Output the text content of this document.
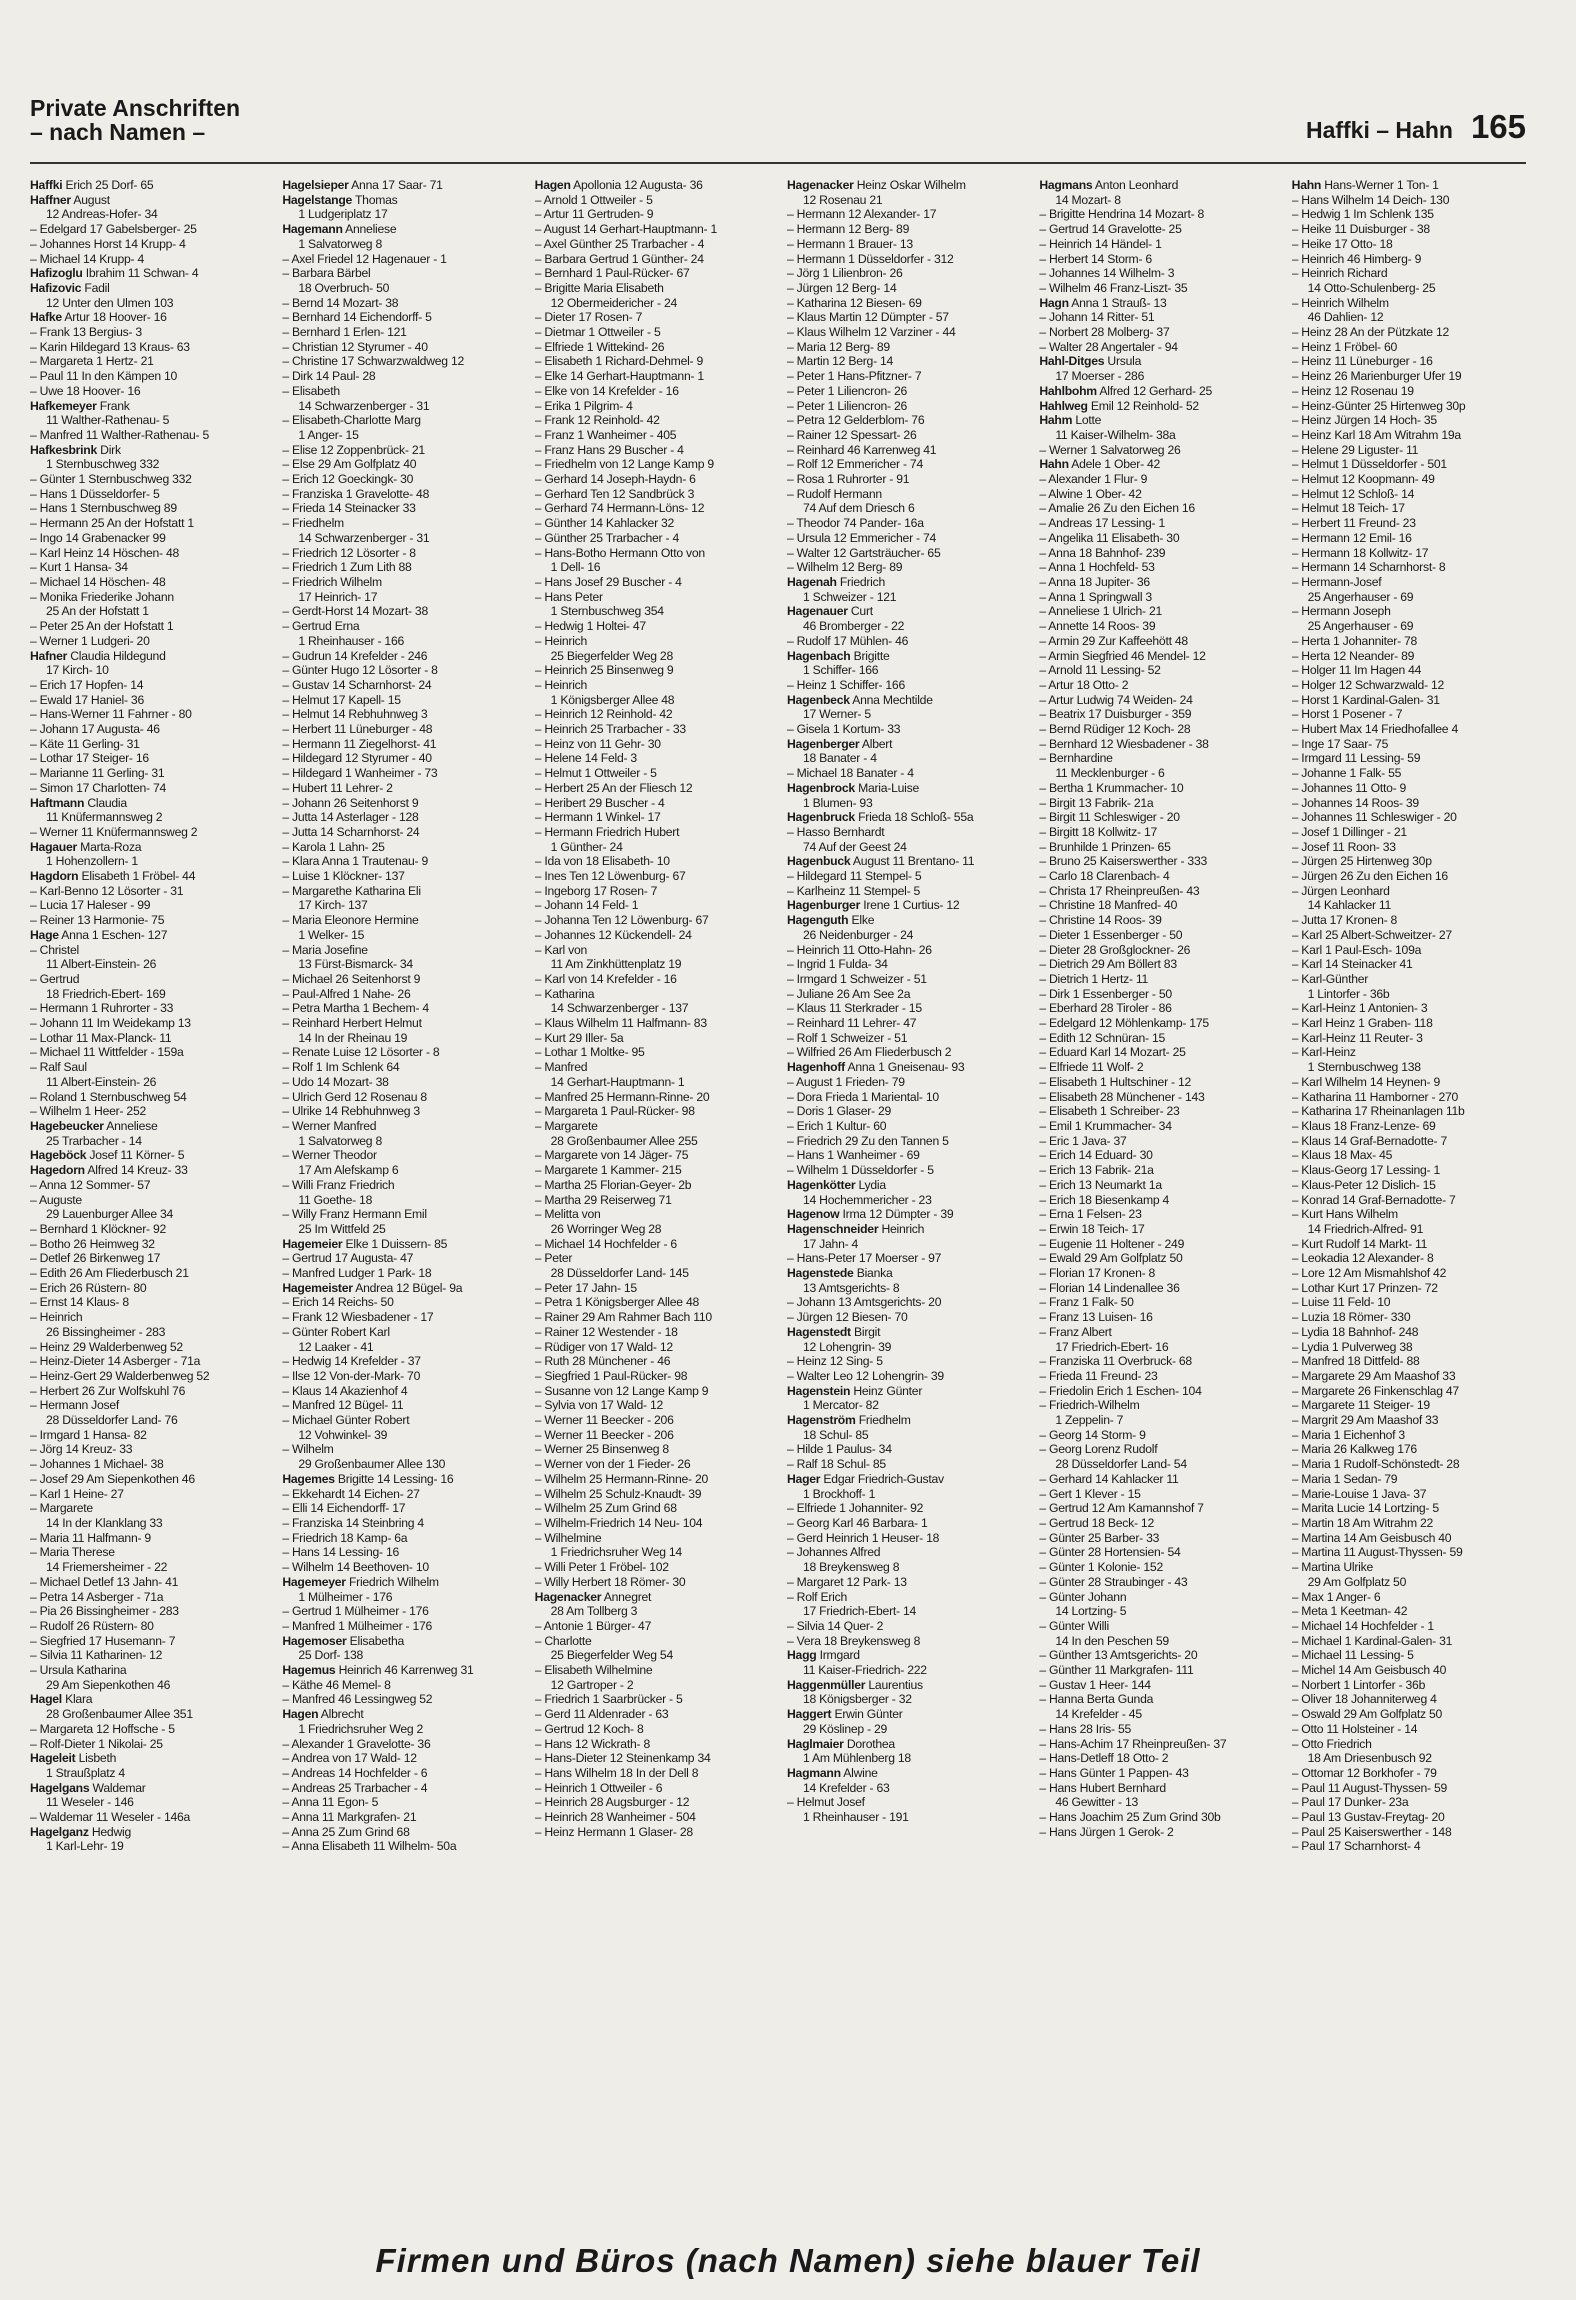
Private Anschriften
– nach Namen –	Haffki – Hahn 165
Haffki Erich 25 Dorf- 65
Haffner August
12 Andreas-Hofer- 34
– Edelgard 17 Gabelsberger- 25
– Johannes Horst 14 Krupp- 4
– Michael 14 Krupp- 4
Hafizoglu Ibrahim 11 Schwan- 4
Hafizovic Fadil
12 Unter den Ulmen 103
Hafke Artur 18 Hoover- 16
– Frank 13 Bergius- 3
– Karin Hildegard 13 Kraus- 63
– Margareta 1 Hertz- 21
– Paul 11 In den Kämpen 10
– Uwe 18 Hoover- 16
Hafkemeyer Frank
11 Walther-Rathenau- 5
– Manfred 11 Walther-Rathenau- 5
Hafkesbrink Dirk
1 Sternbuschweg 332
– Günter 1 Sternbuschweg 332
– Hans 1 Düsseldorfer- 5
– Hans 1 Sternbuschweg 89
– Hermann 25 An der Hofstatt 1
– Ingo 14 Grabenacker 99
– Karl Heinz 14 Höschen- 48
– Kurt 1 Hansa- 34
– Michael 14 Höschen- 48
– Monika Friederike Johann
25 An der Hofstatt 1
– Peter 25 An der Hofstatt 1
– Werner 1 Ludgeri- 20
Hafner Claudia Hildegund
17 Kirch- 10
– Erich 17 Hopfen- 14
– Ewald 17 Haniel- 36
– Hans-Werner 11 Fahrner - 80
– Johann 17 Augusta- 46
– Käte 11 Gerling- 31
– Lothar 17 Steiger- 16
– Marianne 11 Gerling- 31
– Simon 17 Charlotten- 74
Haftmann Claudia
11 Knüfermannsweg 2
– Werner 11 Knüfermannsweg 2
Hagauer Marta-Roza
1 Hohenzollern- 1
Hagdorn Elisabeth 1 Fröbel- 44
– Karl-Benno 12 Lösorter - 31
– Lucia 17 Haleser - 99
– Reiner 13 Harmonie- 75
Hage Anna 1 Eschen- 127
– Christel
11 Albert-Einstein- 26
– Gertrud
18 Friedrich-Ebert- 169
– Hermann 1 Ruhrorter - 33
– Johann 11 Im Weidekamp 13
– Lothar 11 Max-Planck- 11
– Michael 11 Wittfelder - 159a
– Ralf Saul
11 Albert-Einstein- 26
– Roland 1 Sternbuschweg 54
– Wilhelm 1 Heer- 252
Hagebeucker Anneliese
25 Trarbacher - 14
Hageböck Josef 11 Körner- 5
Hagedorn Alfred 14 Kreuz- 33
– Anna 12 Sommer- 57
– Auguste
29 Lauenburger Allee 34
– Bernhard 1 Klöckner- 92
– Botho 26 Heimweg 32
– Detlef 26 Birkenweg 17
– Edith 26 Am Fliederbusch 21
– Erich 26 Rüstern- 80
– Ernst 14 Klaus- 8
– Heinrich
26 Bissingheimer - 283
– Heinz 29 Walderbenweg 52
– Heinz-Dieter 14 Asberger - 71a
– Heinz-Gert 29 Walderbenweg 52
– Herbert 26 Zur Wolfskuhl 76
– Hermann Josef
28 Düsseldorfer Land- 76
– Irmgard 1 Hansa- 82
– Jörg 14 Kreuz- 33
– Johannes 1 Michael- 38
– Josef 29 Am Siepenkothen 46
– Karl 1 Heine- 27
– Margarete
14 In der Klanklang 33
– Maria 11 Halfmann- 9
– Maria Therese
14 Friemersheimer - 22
– Michael Detlef 13 Jahn- 41
– Petra 14 Asberger - 71a
– Pia 26 Bissingheimer - 283
– Rudolf 26 Rüstern- 80
– Siegfried 17 Husemann- 7
– Silvia 11 Katharinen- 12
– Ursula Katharina
29 Am Siepenkothen 46
Hagel Klara
28 Großenbaumer Allee 351
– Margareta 12 Hoffsche - 5
– Rolf-Dieter 1 Nikolai- 25
Hageleit Lisbeth
1 Straußplatz 4
Hagelgans Waldemar
11 Weseler - 146
– Waldemar 11 Weseler - 146a
Hagelganz Hedwig
1 Karl-Lehr- 19
Hagelsieper Anna 17 Saar- 71
Hagelstange Thomas
1 Ludgeriplatz 17
Hagemann Anneliese
1 Salvatorweg 8
– Axel Friedel 12 Hagenauer - 1
– Barbara Bärbel
18 Overbruch- 50
– Bernd 14 Mozart- 38
– Bernhard 14 Eichendorff- 5
– Bernhard 1 Erlen- 121
– Christian 12 Styrumer - 40
– Christine 17 Schwarzwaldweg 12
– Dirk 14 Paul- 28
– Elisabeth
14 Schwarzenberger - 31
– Elisabeth-Charlotte Marg
1 Anger- 15
– Elise 12 Zoppenbrück- 21
– Else 29 Am Golfplatz 40
– Erich 12 Goeckingk- 30
– Franziska 1 Gravelotte- 48
– Frieda 14 Steinacker 33
– Friedhelm
14 Schwarzenberger - 31
– Friedrich 12 Lösorter - 8
– Friedrich 1 Zum Lith 88
– Friedrich Wilhelm
17 Heinrich- 17
– Gerdt-Horst 14 Mozart- 38
– Gertrud Erna
1 Rheinhauser - 166
– Gudrun 14 Krefelder - 246
– Günter Hugo 12 Lösorter - 8
– Gustav 14 Scharnhorst- 24
– Helmut 17 Kapell- 15
– Helmut 14 Rebhuhnweg 3
– Herbert 11 Lüneburger - 48
– Hermann 11 Ziegelhorst- 41
– Hildegard 12 Styrumer - 40
– Hildegard 1 Wanheimer - 73
– Hubert 11 Lehrer- 2
– Johann 26 Seitenhorst 9
– Jutta 14 Asterlager - 128
– Jutta 14 Scharnhorst- 24
– Karola 1 Lahn- 25
– Klara Anna 1 Trautenau- 9
– Luise 1 Klöckner- 137
– Margarethe Katharina Eli
17 Kirch- 137
– Maria Eleonore Hermine
1 Welker- 15
– Maria Josefine
13 Fürst-Bismarck- 34
– Michael 26 Seitenhorst 9
– Paul-Alfred 1 Nahe- 26
– Petra Martha 1 Bechem- 4
– Reinhard Herbert Helmut
14 In der Rheinau 19
– Renate Luise 12 Lösorter - 8
– Rolf 1 Im Schlenk 64
– Udo 14 Mozart- 38
– Ulrich Gerd 12 Rosenau 8
– Ulrike 14 Rebhuhnweg 3
– Werner Manfred
1 Salvatorweg 8
– Werner Theodor
17 Am Alefskamp 6
– Willi Franz Friedrich
11 Goethe- 18
– Willy Franz Hermann Emil
25 Im Wittfeld 25
Hagemeier Elke 1 Duissern- 85
– Gertrud 17 Augusta- 47
– Manfred Ludger 1 Park- 18
Hagemeister Andrea 12 Bügel- 9a
– Erich 14 Reichs- 50
– Frank 12 Wiesbadener - 17
– Günter Robert Karl
12 Laaker - 41
– Hedwig 14 Krefelder - 37
– Ilse 12 Von-der-Mark- 70
– Klaus 14 Akazienhof 4
– Manfred 12 Bügel- 11
– Michael Günter Robert
12 Vohwinkel- 39
– Wilhelm
29 Großenbaumer Allee 130
Hagemes Brigitte 14 Lessing- 16
– Ekkehardt 14 Eichen- 27
– Elli 14 Eichendorff- 17
– Franziska 14 Steinbring 4
– Friedrich 18 Kamp- 6a
– Hans 14 Lessing- 16
– Wilhelm 14 Beethoven- 10
Hagemeyer Friedrich Wilhelm
1 Mülheimer - 176
– Gertrud 1 Mülheimer - 176
– Manfred 1 Mülheimer - 176
Hagemoser Elisabetha
25 Dorf- 138
Hagemus Heinrich 46 Karrenweg 31
– Käthe 46 Memel- 8
– Manfred 46 Lessingweg 52
Hagen Albrecht
1 Friedrichsruher Weg 2
– Alexander 1 Gravelotte- 36
– Andrea von 17 Wald- 12
– Andreas 14 Hochfelder - 6
– Andreas 25 Trarbacher - 4
– Anna 11 Egon- 5
– Anna 11 Markgrafen- 21
– Anna 25 Zum Grind 68
– Anna Elisabeth 11 Wilhelm- 50a
Hagen Apollonia 12 Augusta- 36
– Arnold 1 Ottweiler - 5
– Artur 11 Gertruden- 9
– August 14 Gerhart-Hauptmann- 1
– Axel Günther 25 Trarbacher - 4
– Barbara Gertrud 1 Günther- 24
– Bernhard 1 Paul-Rücker- 67
– Brigitte Maria Elisabeth
12 Obermeidericher - 24
– Dieter 17 Rosen- 7
– Dietmar 1 Ottweiler - 5
– Elfriede 1 Wittekind- 26
– Elisabeth 1 Richard-Dehmel- 9
– Elke 14 Gerhart-Hauptmann- 1
– Elke von 14 Krefelder - 16
– Erika 1 Pilgrim- 4
– Frank 12 Reinhold- 42
– Franz 1 Wanheimer - 405
– Franz Hans 29 Buscher - 4
– Friedhelm von 12 Lange Kamp 9
– Gerhard 14 Joseph-Haydn- 6
– Gerhard Ten 12 Sandbrück 3
– Gerhard 74 Hermann-Löns- 12
– Günther 14 Kahlacker 32
– Günther 25 Trarbacher - 4
– Hans-Botho Hermann Otto von
1 Dell- 16
– Hans Josef 29 Buscher - 4
– Hans Peter
1 Sternbuschweg 354
– Hedwig 1 Holtei- 47
– Heinrich
25 Biegerfelder Weg 28
– Heinrich 25 Binsenweg 9
– Heinrich
1 Königsberger Allee 48
– Heinrich 12 Reinhold- 42
– Heinrich 25 Trarbacher - 33
– Heinz von 11 Gehr- 30
– Helene 14 Feld- 3
– Helmut 1 Ottweiler - 5
– Herbert 25 An der Fliesch 12
– Heribert 29 Buscher - 4
– Hermann 1 Winkel- 17
– Hermann Friedrich Hubert
1 Günther- 24
– Ida von 18 Elisabeth- 10
– Ines Ten 12 Löwenburg- 67
– Ingeborg 17 Rosen- 7
– Johann 14 Feld- 1
– Johanna Ten 12 Löwenburg- 67
– Johannes 12 Kückendell- 24
– Karl von
11 Am Zinkhüttenplatz 19
– Karl von 14 Krefelder - 16
– Katharina
14 Schwarzenberger - 137
– Klaus Wilhelm 11 Halfmann- 83
– Kurt 29 Iller- 5a
– Lothar 1 Moltke- 95
– Manfred
14 Gerhart-Hauptmann- 1
– Manfred 25 Hermann-Rinne- 20
– Margareta 1 Paul-Rücker- 98
– Margarete
28 Großenbaumer Allee 255
– Margarete von 14 Jäger- 75
– Margarete 1 Kammer- 215
– Martha 25 Florian-Geyer- 2b
– Martha 29 Reiserweg 71
– Melitta von
26 Worringer Weg 28
– Michael 14 Hochfelder - 6
– Peter
28 Düsseldorfer Land- 145
– Peter 17 Jahn- 15
– Petra 1 Königsberger Allee 48
– Rainer 29 Am Rahmer Bach 110
– Rainer 12 Westender - 18
– Rüdiger von 17 Wald- 12
– Ruth 28 Münchener - 46
– Siegfried 1 Paul-Rücker- 98
– Susanne von 12 Lange Kamp 9
– Sylvia von 17 Wald- 12
– Werner 11 Beecker - 206
– Werner 11 Beecker - 206
– Werner 25 Binsenweg 8
– Werner von der 1 Fieder- 26
– Wilhelm 25 Hermann-Rinne- 20
– Wilhelm 25 Schulz-Knaudt- 39
– Wilhelm 25 Zum Grind 68
– Wilhelm-Friedrich 14 Neu- 104
– Wilhelmine
1 Friedrichsruher Weg 14
– Willi Peter 1 Fröbel- 102
– Willy Herbert 18 Römer- 30
Hagenacker Annegret
28 Am Tollberg 3
– Antonie 1 Bürger- 47
– Charlotte
25 Biegerfelder Weg 54
– Elisabeth Wilhelmine
12 Gartroper - 2
– Friedrich 1 Saarbrücker - 5
– Gerd 11 Aldenrader - 63
– Gertrud 12 Koch- 8
– Hans 12 Wickrath- 8
– Hans-Dieter 12 Steinenkamp 34
– Hans Wilhelm 18 In der Dell 8
– Heinrich 1 Ottweiler - 6
– Heinrich 28 Augsburger - 12
– Heinrich 28 Wanheimer - 504
– Heinz Hermann 1 Glaser- 28
Hagenacker Heinz Oskar Wilhelm
12 Rosenau 21
– Hermann 12 Alexander- 17
– Hermann 12 Berg- 89
– Hermann 1 Brauer- 13
– Hermann 1 Düsseldorfer - 312
– Jörg 1 Lilienbron- 26
– Jürgen 12 Berg- 14
– Katharina 12 Biesen- 69
– Klaus Martin 12 Dümpter - 57
– Klaus Wilhelm 12 Varziner - 44
– Maria 12 Berg- 89
– Martin 12 Berg- 14
– Peter 1 Hans-Pfitzner- 7
– Peter 1 Liliencron- 26
– Peter 1 Liliencron- 26
– Petra 12 Gelderblom- 76
– Rainer 12 Spessart- 26
– Reinhard 46 Karrenweg 41
– Rolf 12 Emmericher - 74
– Rosa 1 Ruhrorter - 91
– Rudolf Hermann
74 Auf dem Driesch 6
– Theodor 74 Pander- 16a
– Ursula 12 Emmericher - 74
– Walter 12 Gartsträucher- 65
– Wilhelm 12 Berg- 89
Hagenah Friedrich
1 Schweizer - 121
Hagenauer Curt
46 Bromberger - 22
– Rudolf 17 Mühlen- 46
Hagenbach Brigitte
1 Schiffer- 166
– Heinz 1 Schiffer- 166
Hagenbeck Anna Mechtilde
17 Werner- 5
– Gisela 1 Kortum- 33
Hagenberger Albert
18 Banater - 4
– Michael 18 Banater - 4
Hagenbrock Maria-Luise
1 Blumen- 93
Hagenbruck Frieda 18 Schloß- 55a
– Hasso Bernhardt
74 Auf der Geest 24
Hagenbuck August 11 Brentano- 11
– Hildegard 11 Stempel- 5
– Karlheinz 11 Stempel- 5
Hagenburger Irene 1 Curtius- 12
Hagenguth Elke
26 Neidenburger - 24
– Heinrich 11 Otto-Hahn- 26
– Ingrid 1 Fulda- 34
– Irmgard 1 Schweizer - 51
– Juliane 26 Am See 2a
– Klaus 11 Sterkrader - 15
– Reinhard 11 Lehrer- 47
– Rolf 1 Schweizer - 51
– Wilfried 26 Am Fliederbusch 2
Hagenhoff Anna 1 Gneisenau- 93
– August 1 Frieden- 79
– Dora Frieda 1 Mariental- 10
– Doris 1 Glaser- 29
– Erich 1 Kultur- 60
– Friedrich 29 Zu den Tannen 5
– Hans 1 Wanheimer - 69
– Wilhelm 1 Düsseldorfer - 5
Hagenkötter Lydia
14 Hochemmericher - 23
Hagenow Irma 12 Dümpter - 39
Hagenschneider Heinrich
17 Jahn- 4
– Hans-Peter 17 Moerser - 97
Hagenstede Bianka
13 Amtsgerichts- 8
– Johann 13 Amtsgerichts- 20
– Jürgen 12 Biesen- 70
Hagenstedt Birgit
12 Lohengrin- 39
– Heinz 12 Sing- 5
– Walter Leo 12 Lohengrin- 39
Hagenstein Heinz Günter
1 Mercator- 82
Hagenström Friedhelm
18 Schul- 85
– Hilde 1 Paulus- 34
– Ralf 18 Schul- 85
Hager Edgar Friedrich-Gustav
1 Brockhoff- 1
– Elfriede 1 Johanniter- 92
– Georg Karl 46 Barbara- 1
– Gerd Heinrich 1 Heuser- 18
– Johannes Alfred
18 Breykensweg 8
– Margaret 12 Park- 13
– Rolf Erich
17 Friedrich-Ebert- 14
– Silvia 14 Quer- 2
– Vera 18 Breykensweg 8
Hagg Irmgard
11 Kaiser-Friedrich- 222
Haggenmüller Laurentius
18 Königsberger - 32
Haggert Erwin Günter
29 Köslinер - 29
Haglmaier Dorothea
1 Am Mühlenberg 18
Hagmann Alwine
14 Krefelder - 63
– Helmut Josef
1 Rheinhauser - 191
Hagmans Anton Leonhard
14 Mozart- 8
– Brigitte Hendrina 14 Mozart- 8
– Gertrud 14 Gravelotte- 25
– Heinrich 14 Händel- 1
– Herbert 14 Storm- 6
– Johannes 14 Wilhelm- 3
– Wilhelm 46 Franz-Liszt- 35
Hagn Anna 1 Strauß- 13
– Johann 14 Ritter- 51
– Norbert 28 Molberg- 37
– Walter 28 Angertaler - 94
Hahl-Ditges Ursula
17 Moerser - 286
Hahlbohm Alfred 12 Gerhard- 25
Hahlweg Emil 12 Reinhold- 52
Hahm Lotte
11 Kaiser-Wilhelm- 38a
– Werner 1 Salvatorweg 26
Hahn Adele 1 Ober- 42
– Alexander 1 Flur- 9
– Alwine 1 Ober- 42
– Amalie 26 Zu den Eichen 16
– Andreas 17 Lessing- 1
– Angelika 11 Elisabeth- 30
– Anna 18 Bahnhof- 239
– Anna 1 Hochfeld- 53
– Anna 18 Jupiter- 36
– Anna 1 Springwall 3
– Anneliese 1 Ulrich- 21
– Annette 14 Roos- 39
– Armin 29 Zur Kaffeehött 48
– Armin Siegfried 46 Mendel- 12
– Arnold 11 Lessing- 52
– Artur 18 Otto- 2
– Artur Ludwig 74 Weiden- 24
– Beatrix 17 Duisburger - 359
– Bernd Rüdiger 12 Koch- 28
– Bernhard 12 Wiesbadener - 38
– Bernhardine
11 Mecklenburger - 6
– Bertha 1 Krummacher- 10
– Birgit 13 Fabrik- 21a
– Birgit 11 Schleswiger - 20
– Birgitt 18 Kollwitz- 17
– Brunhilde 1 Prinzen- 65
– Bruno 25 Kaiserswerther - 333
– Carlo 18 Clarenbach- 4
– Christa 17 Rheinpreußen- 43
– Christine 18 Manfred- 40
– Christine 14 Roos- 39
– Dieter 1 Essenberger - 50
– Dieter 28 Großglockner- 26
– Dietrich 29 Am Böllert 83
– Dietrich 1 Hertz- 11
– Dirk 1 Essenberger - 50
– Eberhard 28 Tiroler - 86
– Edelgard 12 Möhlenkamp- 175
– Edith 12 Schnüran- 15
– Eduard Karl 14 Mozart- 25
– Elfriede 11 Wolf- 2
– Elisabeth 1 Hultschiner - 12
– Elisabeth 28 Münchener - 143
– Elisabeth 1 Schreiber- 23
– Emil 1 Krummacher- 34
– Eric 1 Java- 37
– Erich 14 Eduard- 30
– Erich 13 Fabrik- 21a
– Erich 13 Neumarkt 1a
– Erich 18 Biesenkamp 4
– Erna 1 Felsen- 23
– Erwin 18 Teich- 17
– Eugenie 11 Holtener - 249
– Ewald 29 Am Golfplatz 50
– Florian 17 Kronen- 8
– Florian 14 Lindenallee 36
– Franz 1 Falk- 50
– Franz 13 Luisen- 16
– Franz Albert
17 Friedrich-Ebert- 16
– Franziska 11 Overbruck- 68
– Frieda 11 Freund- 23
– Friedolin Erich 1 Eschen- 104
– Friedrich-Wilhelm
1 Zeppelin- 7
– Georg 14 Storm- 9
– Georg Lorenz Rudolf
28 Düsseldorfer Land- 54
– Gerhard 14 Kahlacker 11
– Gert 1 Klever - 15
– Gertrud 12 Am Kamannshof 7
– Gertrud 18 Beck- 12
– Günter 25 Barber- 33
– Günter 28 Hortensien- 54
– Günter 1 Kolonie- 152
– Günter 28 Straubinger - 43
– Günter Johann
14 Lortzing- 5
– Günter Willi
14 In den Peschen 59
– Günther 13 Amtsgerichts- 20
– Günther 11 Markgrafen- 111
– Gustav 1 Heer- 144
– Hanna Berta Gunda
14 Krefelder - 45
– Hans 28 Iris- 55
– Hans-Achim 17 Rheinpreußen- 37
– Hans-Detleff 18 Otto- 2
– Hans Günter 1 Pappen- 43
– Hans Hubert Bernhard
46 Gewitter - 13
– Hans Joachim 25 Zum Grind 30b
– Hans Jürgen 1 Gerok- 2
Hahn Hans-Werner 1 Ton- 1
– Hans Wilhelm 14 Deich- 130
– Hedwig 1 Im Schlenk 135
– Heike 11 Duisburger - 38
– Heike 17 Otto- 18
– Heinrich 46 Himberg- 9
– Heinrich Richard
14 Otto-Schulenberg- 25
– Heinrich Wilhelm
46 Dahlien- 12
– Heinz 28 An der Pützkate 12
– Heinz 1 Fröbel- 60
– Heinz 11 Lüneburger - 16
– Heinz 26 Marienburger Ufer 19
– Heinz 12 Rosenau 19
– Heinz-Günter 25 Hirtenweg 30p
– Heinz Jürgen 14 Hoch- 35
– Heinz Karl 18 Am Witrahm 19a
– Helene 29 Liguster- 11
– Helmut 1 Düsseldorfer - 501
– Helmut 12 Koopmann- 49
– Helmut 12 Schloß- 14
– Helmut 18 Teich- 17
– Herbert 11 Freund- 23
– Hermann 12 Emil- 16
– Hermann 18 Kollwitz- 17
– Hermann 14 Scharnhorst- 8
– Hermann-Josef
25 Angerhauser - 69
– Hermann Joseph
25 Angerhauser - 69
– Herta 1 Johanniter- 78
– Herta 12 Neander- 89
– Holger 11 Im Hagen 44
– Holger 12 Schwarzwald- 12
– Horst 1 Kardinal-Galen- 31
– Horst 1 Posener - 7
– Hubert Max 14 Friedhofallee 4
– Inge 17 Saar- 75
– Irmgard 11 Lessing- 59
– Johanne 1 Falk- 55
– Johannes 11 Otto- 9
– Johannes 14 Roos- 39
– Johannes 11 Schleswiger - 20
– Josef 1 Dillinger - 21
– Josef 11 Roon- 33
– Jürgen 25 Hirtenweg 30p
– Jürgen 26 Zu den Eichen 16
– Jürgen Leonhard
14 Kahlacker 11
– Jutta 17 Kronen- 8
– Karl 25 Albert-Schweitzer- 27
– Karl 1 Paul-Esch- 109a
– Karl 14 Steinacker 41
– Karl-Günther
1 Lintorfer - 36b
– Karl-Heinz 1 Antonien- 3
– Karl Heinz 1 Graben- 118
– Karl-Heinz 11 Reuter- 3
– Karl-Heinz
1 Sternbuschweg 138
– Karl Wilhelm 14 Heynen- 9
– Katharina 11 Hamborner - 270
– Katharina 17 Rheinanlagen 11b
– Klaus 18 Franz-Lenze- 69
– Klaus 14 Graf-Bernadotte- 7
– Klaus 18 Max- 45
– Klaus-Georg 17 Lessing- 1
– Klaus-Peter 12 Dislich- 15
– Konrad 14 Graf-Bernadotte- 7
– Kurt Hans Wilhelm
14 Friedrich-Alfred- 91
– Kurt Rudolf 14 Markt- 11
– Leokadia 12 Alexander- 8
– Lore 12 Am Mismahlshof 42
– Lothar Kurt 17 Prinzen- 72
– Luise 11 Feld- 10
– Luzia 18 Römer- 330
– Lydia 18 Bahnhof- 248
– Lydia 1 Pulverweg 38
– Manfred 18 Dittfeld- 88
– Margarete 29 Am Maashof 33
– Margarete 26 Finkenschlag 47
– Margarete 11 Steiger- 19
– Margrit 29 Am Maashof 33
– Maria 1 Eichenhof 3
– Maria 26 Kalkweg 176
– Maria 1 Rudolf-Schönstedt- 28
– Maria 1 Sedan- 79
– Marie-Louise 1 Java- 37
– Marita Lucie 14 Lortzing- 5
– Martin 18 Am Witrahm 22
– Martina 14 Am Geisbusch 40
– Martina 11 August-Thyssen- 59
– Martina Ulrike
29 Am Golfplatz 50
– Max 1 Anger- 6
– Meta 1 Keetman- 42
– Michael 14 Hochfelder - 1
– Michael 1 Kardinal-Galen- 31
– Michael 11 Lessing- 5
– Michel 14 Am Geisbusch 40
– Norbert 1 Lintorfer - 36b
– Oliver 18 Johanniterweg 4
– Oswald 29 Am Golfplatz 50
– Otto 11 Holsteiner - 14
– Otto Friedrich
18 Am Driesenbusch 92
– Ottomar 12 Borkhofer - 79
– Paul 11 August-Thyssen- 59
– Paul 17 Dunker- 23a
– Paul 13 Gustav-Freytag- 20
– Paul 25 Kaiserswerther - 148
– Paul 17 Scharnhorst- 4
Firmen und Büros (nach Namen) siehe blauer Teil
